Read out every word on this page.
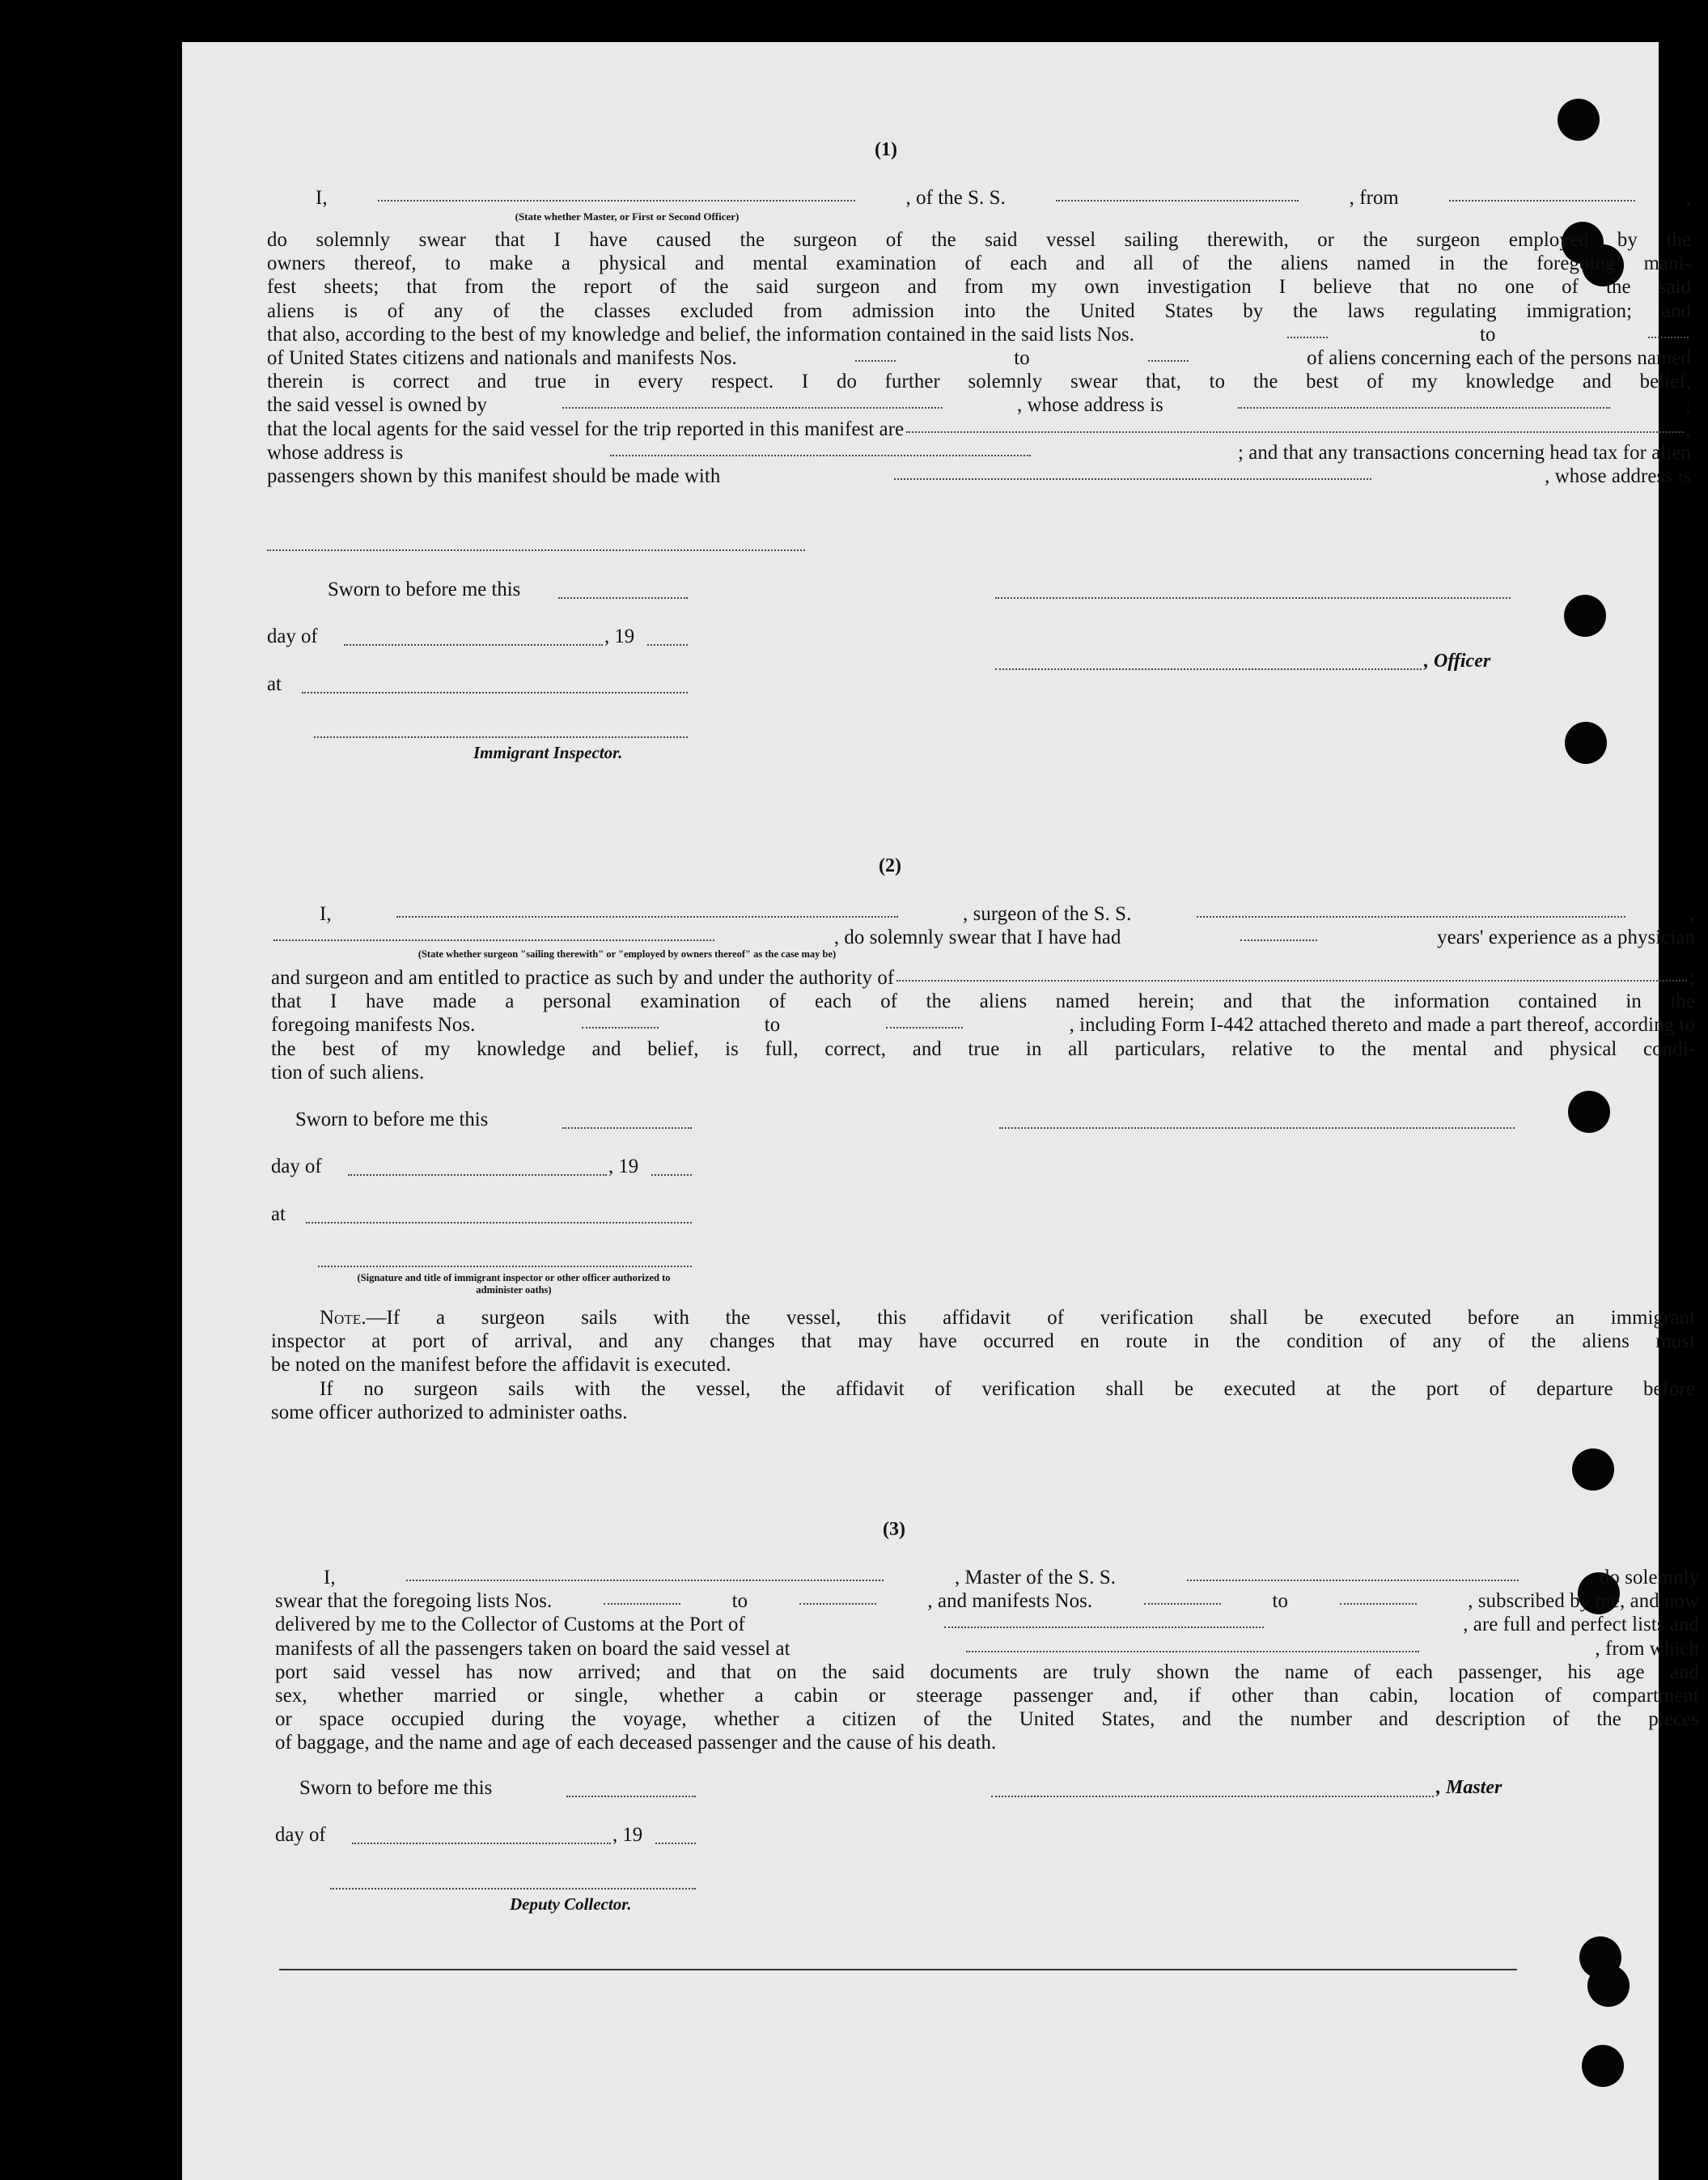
(1)
I,	, of the S. S.	, from	,
(State whether Master, or First or Second Officer)
do solemnly swear that I have caused the surgeon of the said vessel sailing therewith, or the surgeon employed by the
owners thereof, to make a physical and mental examination of each and all of the aliens named in the foregoing mani-
fest sheets; that from the report of the said surgeon and from my own investigation I believe that no one of the said
aliens is of any of the classes excluded from admission into the United States by the laws regulating immigration; and
that also, according to the best of my knowledge and belief, the information contained in the said lists Nos.	to
of United States citizens and nationals and manifests Nos.	to	of aliens concerning each of the persons named
therein is correct and true in every respect. I do further solemnly swear that, to the best of my knowledge and belief,
the said vessel is owned by	, whose address is	;
that the local agents for the said vessel for the trip reported in this manifest are	,
whose address is	; and that any transactions concerning head tax for alien
passengers shown by this manifest should be made with	, whose address is
Sworn to before me this
day of	, 19
at
Immigrant Inspector.
, Officer
(2)
I,	, surgeon of the S. S.	,
, do solemnly swear that I have had	years' experience as a physician
(State whether surgeon "sailing therewith" or "employed by owners thereof" as the case may be)
and surgeon and am entitled to practice as such by and under the authority of	;
that I have made a personal examination of each of the aliens named herein; and that the information contained in the
foregoing manifests Nos.	to	, including Form I-442 attached thereto and made a part thereof, according to
the best of my knowledge and belief, is full, correct, and true in all particulars, relative to the mental and physical condi-
tion of such aliens.
Sworn to before me this
day of	, 19
at
(Signature and title of immigrant inspector or other officer authorized to administer oaths)
Note. —If a surgeon sails with the vessel, this affidavit of verification shall be executed before an immigrant
inspector at port of arrival, and any changes that may have occurred en route in the condition of any of the aliens must
be noted on the manifest before the affidavit is executed.
If no surgeon sails with the vessel, the affidavit of verification shall be executed at the port of departure before
some officer authorized to administer oaths.
(3)
I,	, Master of the S. S.	, do solemnly
swear that the foregoing lists Nos.	to	, and manifests Nos.	to	, subscribed by me, and now
delivered by me to the Collector of Customs at the Port of	, are full and perfect lists and
manifests of all the passengers taken on board the said vessel at	, from which
port said vessel has now arrived; and that on the said documents are truly shown the name of each passenger, his age and
sex, whether married or single, whether a cabin or steerage passenger and, if other than cabin, location of compartment
or space occupied during the voyage, whether a citizen of the United States, and the number and description of the pieces
of baggage, and the name and age of each deceased passenger and the cause of his death.
Sworn to before me this	, Master
day of	, 19
Deputy Collector.
